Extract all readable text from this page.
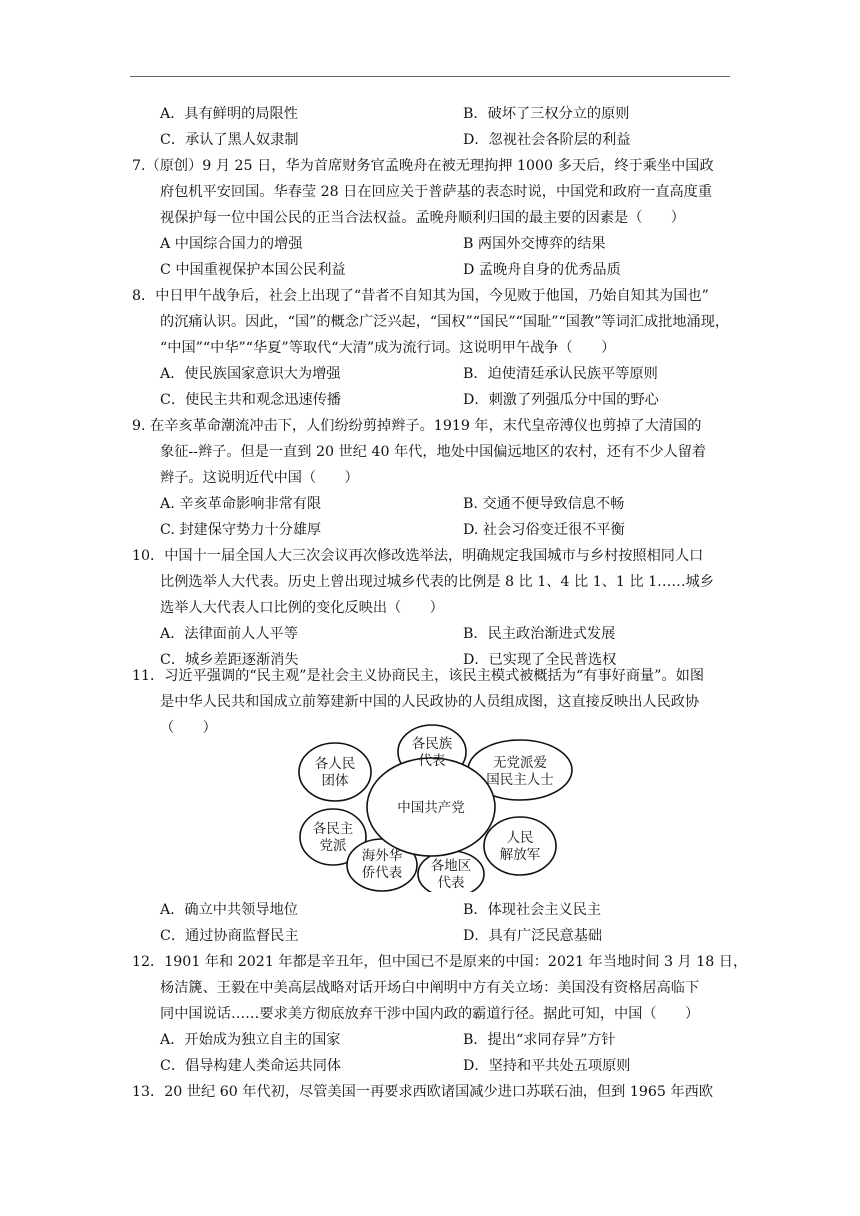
A．具有鲜明的局限性	B．破坏了三权分立的原则
C．承认了黑人奴隶制	D．忽视社会各阶层的利益
7.（原创）9 月 25 日，华为首席财务官孟晚舟在被无理拘押 1000 多天后，终于乘坐中国政
府包机平安回国。华春莹 28 日在回应关于普萨基的表态时说，中国党和政府一直高度重
视保护每一位中国公民的正当合法权益。孟晚舟顺利归国的最主要的因素是（　　）
A 中国综合国力的增强	B 两国外交博弈的结果
C 中国重视保护本国公民利益	D 孟晚舟自身的优秀品质
8．中日甲午战争后，社会上出现了“昔者不自知其为国，今见败于他国，乃始自知其为国也”
的沉痛认识。因此，“国”的概念广泛兴起，“国权”“国民”“国耻”“国教”等词汇成批地涌现，
“中国”“中华”“华夏”等取代“大清”成为流行词。这说明甲午战争（　　）
A．使民族国家意识大为增强	B．迫使清廷承认民族平等原则
C．使民主共和观念迅速传播	D．刺激了列强瓜分中国的野心
9. 在辛亥革命潮流冲击下，人们纷纷剪掉辫子。1919 年，末代皇帝溥仪也剪掉了大清国的
象征--辫子。但是一直到 20 世纪 40 年代，地处中国偏远地区的农村，还有不少人留着
辫子。这说明近代中国（　　）
A. 辛亥革命影响非常有限	B. 交通不便导致信息不畅
C. 封建保守势力十分雄厚	D. 社会习俗变迁很不平衡
10．中国十一届全国人大三次会议再次修改选举法，明确规定我国城市与乡村按照相同人口
比例选举人大代表。历史上曾出现过城乡代表的比例是 8 比 1、4 比 1、1 比 1……城乡
选举人大代表人口比例的变化反映出（　　）
A．法律面前人人平等	B．民主政治渐进式发展
C．城乡差距逐渐消失	D．已实现了全民普选权
11．习近平强调的“民主观”是社会主义协商民主，该民主模式被概括为“有事好商量”。如图
是中华人民共和国成立前筹建新中国的人民政协的人员组成图，这直接反映出人民政协
（　　）
中国共产党
各人民
团体
各民族
代表	无党派爱
国民主人士
各民主
党派	人民
解放军
海外华
侨代表 各地区
代表
A．确立中共领导地位	B．体现社会主义民主
C．通过协商监督民主	D．具有广泛民意基础
12．1901 年和 2021 年都是辛丑年，但中国已不是原来的中国：2021 年当地时间 3 月 18 日，
杨洁篪、王毅在中美高层战略对话开场白中阐明中方有关立场：美国没有资格居高临下
同中国说话……要求美方彻底放弃干涉中国内政的霸道行径。据此可知，中国（　　）
A．开始成为独立自主的国家	B．提出“求同存异”方针
C．倡导构建人类命运共同体	D．坚持和平共处五项原则
13．20 世纪 60 年代初，尽管美国一再要求西欧诸国减少进口苏联石油，但到 1965 年西欧
